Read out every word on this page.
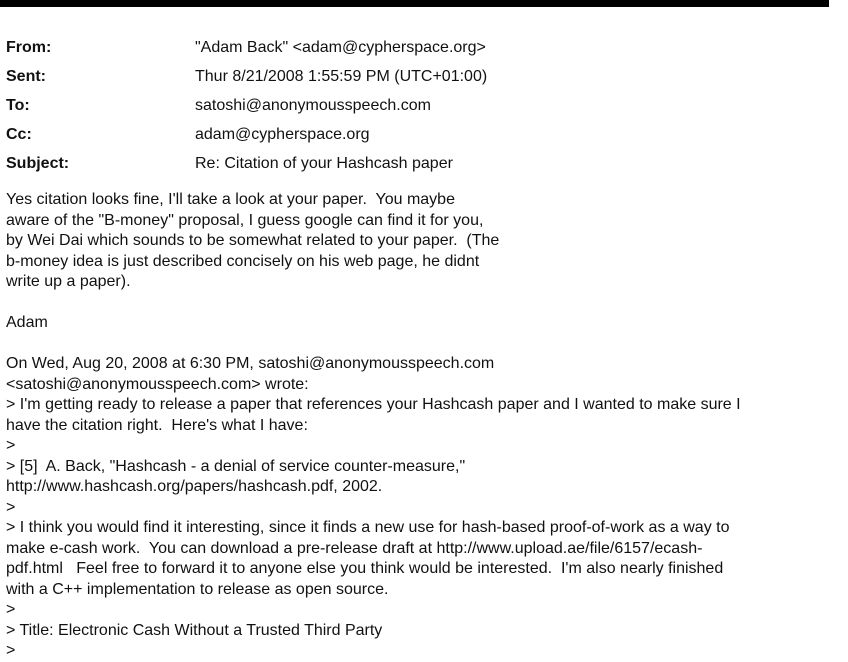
From:	"Adam Back" <adam@cypherspace.org>
Sent:	Thur 8/21/2008 1:55:59 PM (UTC+01:00)
To:	satoshi@anonymousspeech.com
Cc:	adam@cypherspace.org
Subject:	Re: Citation of your Hashcash paper
Yes citation looks fine, I'll take a look at your paper.  You maybe
aware of the "B-money" proposal, I guess google can find it for you,
by Wei Dai which sounds to be somewhat related to your paper.  (The
b-money idea is just described concisely on his web page, he didnt
write up a paper).
Adam
On Wed, Aug 20, 2008 at 6:30 PM, satoshi@anonymousspeech.com
<satoshi@anonymousspeech.com> wrote:
> I'm getting ready to release a paper that references your Hashcash paper and I wanted to make sure I
have the citation right.  Here's what I have:
>
> [5]  A. Back, "Hashcash - a denial of service counter-measure,"
http://www.hashcash.org/papers/hashcash.pdf, 2002.
>
> I think you would find it interesting, since it finds a new use for hash-based proof-of-work as a way to
make e-cash work.  You can download a pre-release draft at http://www.upload.ae/file/6157/ecash-
pdf.html   Feel free to forward it to anyone else you think would be interested.  I'm also nearly finished
with a C++ implementation to release as open source.
>
> Title: Electronic Cash Without a Trusted Third Party
>
